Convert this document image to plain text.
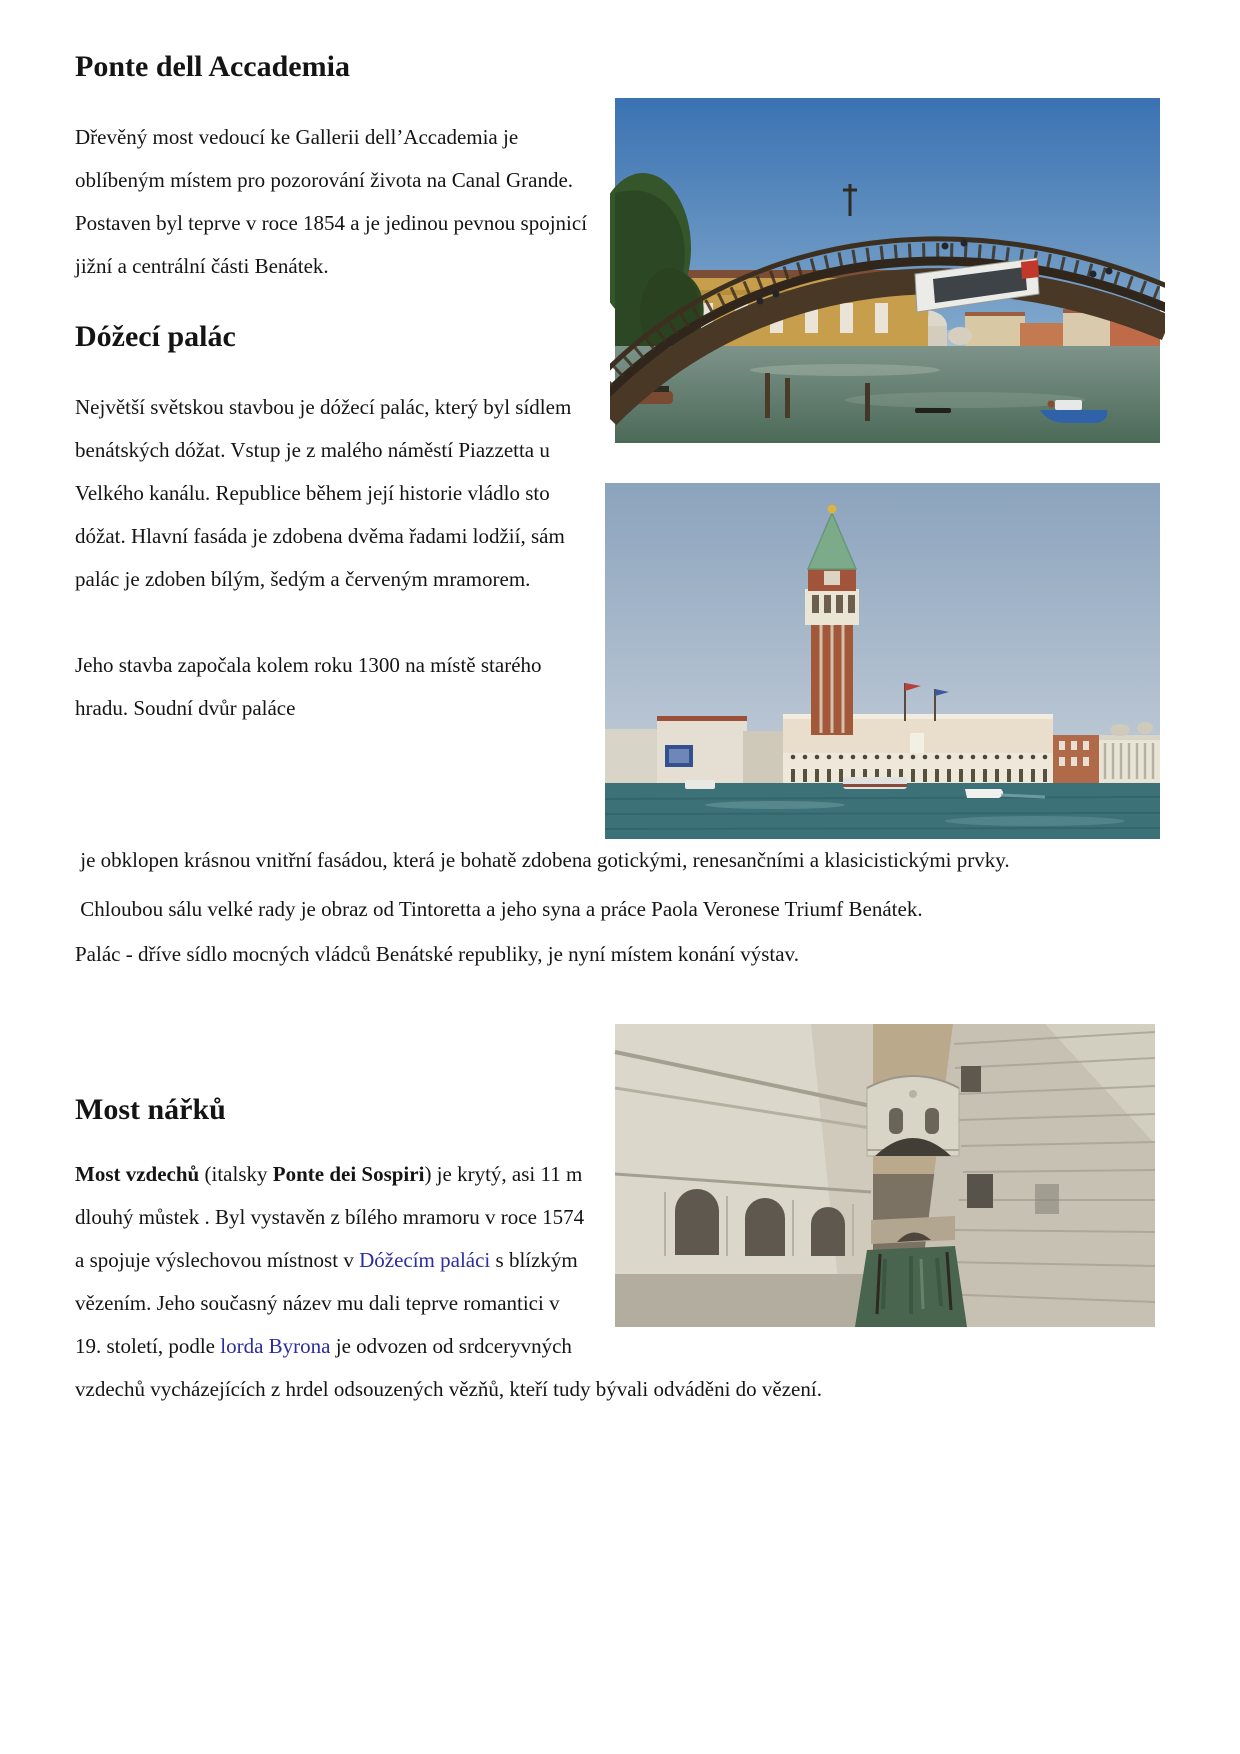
Ponte dell Accademia

Dřevěný most vedoucí ke Gallerii dell’Accademia je oblíbeným místem pro pozorování života na Canal Grande. Postaven byl teprve v roce 1854 a je jedinou pevnou spojnicí jižní a centrální části Benátek.

Dóžecí palác

Největší světskou stavbou je dóžecí palác, který byl sídlem benátských dóžat. Vstup je z malého náměstí Piazzetta u Velkého kanálu. Republice během její historie vládlo sto dóžat. Hlavní fasáda je zdobena dvěma řadami lodžií, sám palác je zdoben bílým, šedým a červeným mramorem.

Jeho stavba započala kolem roku 1300 na místě starého hradu. Soudní dvůr paláce

je obklopen krásnou vnitřní fasádou, která je bohatě zdobena gotickými, renesančními a klasicistickými prvky.

Chloubou sálu velké rady je obraz od Tintoretta a jeho syna a práce Paola Veronese Triumf Benátek.

Palác - dříve sídlo mocných vládců Benátské republiky, je nyní místem konání výstav.

Most nářků

Most vzdechů (italsky Ponte dei Sospiri) je krytý, asi 11 m dlouhý můstek . Byl vystavěn z bílého mramoru v roce 1574 a spojuje výslechovou místnost v Dóžecím paláci s blízkým vězením. Jeho současný název mu dali teprve romantici v 19. století, podle lorda Byrona je odvozen od srdceryvných vzdechů vycházejících z hrdel odsouzených vězňů, kteří tudy bývali odváděni do vězení.
